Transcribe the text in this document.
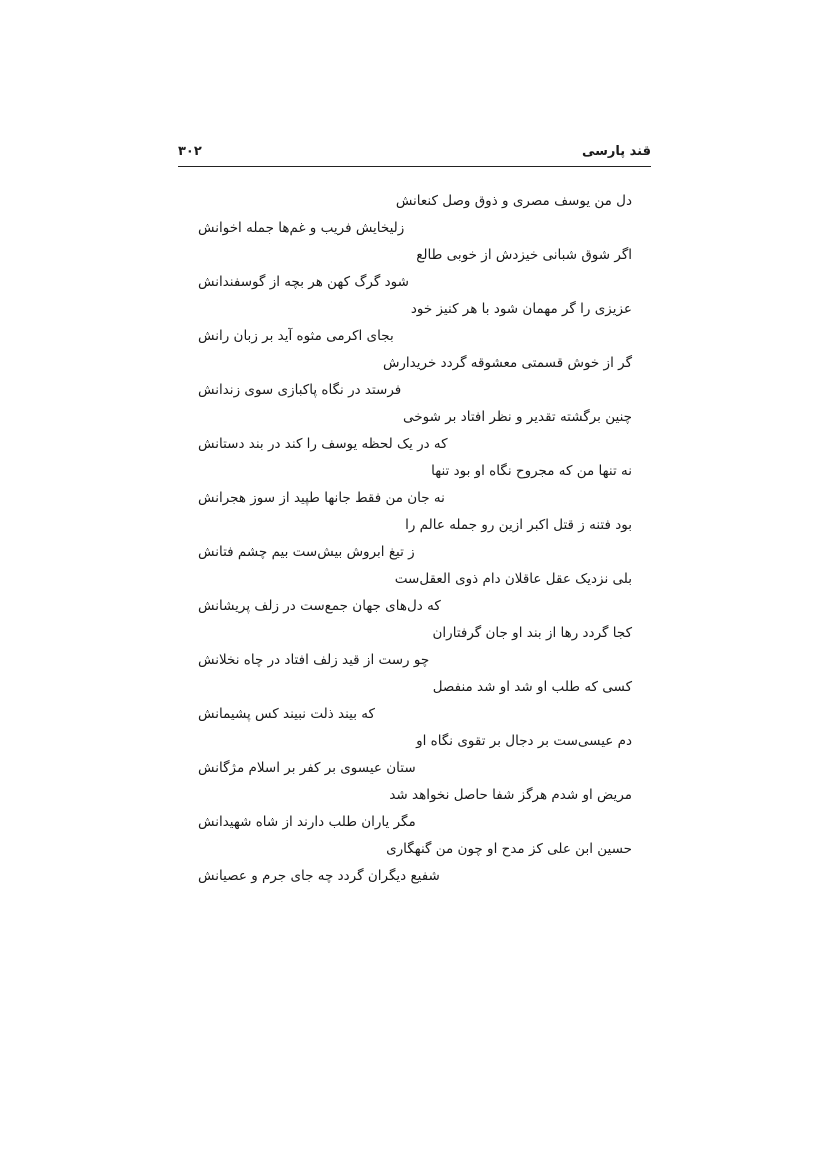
قند پارسی
۳۰۲
دل من یوسف مصری و ذوق وصل کنعانش
زلیخایش فریب و غم‌ها جمله اخوانش
اگر شوق شبانی خیزدش از خوبی طالع
شود گرگ کهن هر بچه از گوسفندانش
عزیزی را گر مهمان شود با هر کنیز خود
بجای اکرمی مثوه آید بر زبان رانش
گر از خوش قسمتی معشوقه گردد خریدارش
فرستد در نگاه پاکبازی سوی زندانش
چنین برگشته تقدیر و نظر افتاد بر شوخی
که در یک لحظه یوسف را کند در بند دستانش
نه تنها من که مجروح نگاه او بود تنها
نه جان من فقط جانها طپید از سوز هجرانش
بود فتنه ز قتل اکبر ازین رو جمله عالم را
ز تیغ ابروش بیش‌ست بیم چشم فتانش
بلی نزدیک عقل عاقلان دام ذوی العقل‌ست
که دل‌های جهان جمع‌ست در زلف پریشانش
کجا گردد رها از بند او جان گرفتاران
چو رست از قید زلف افتاد در چاه نخلانش
کسی که طلب او شد او شد منفصل
که بیند ذلت نبیند کس پشیمانش
دم عیسی‌ست بر دجال بر تقوی نگاه او
ستان عیسوی بر کفر بر اسلام مژگانش
مریض او شدم هرگز شفا حاصل نخواهد شد
مگر یاران طلب دارند از شاه شهیدانش
حسین ابن علی کز مدح او چون من گنهگاری
شفیع دیگران گردد چه جای جرم و عصیانش
